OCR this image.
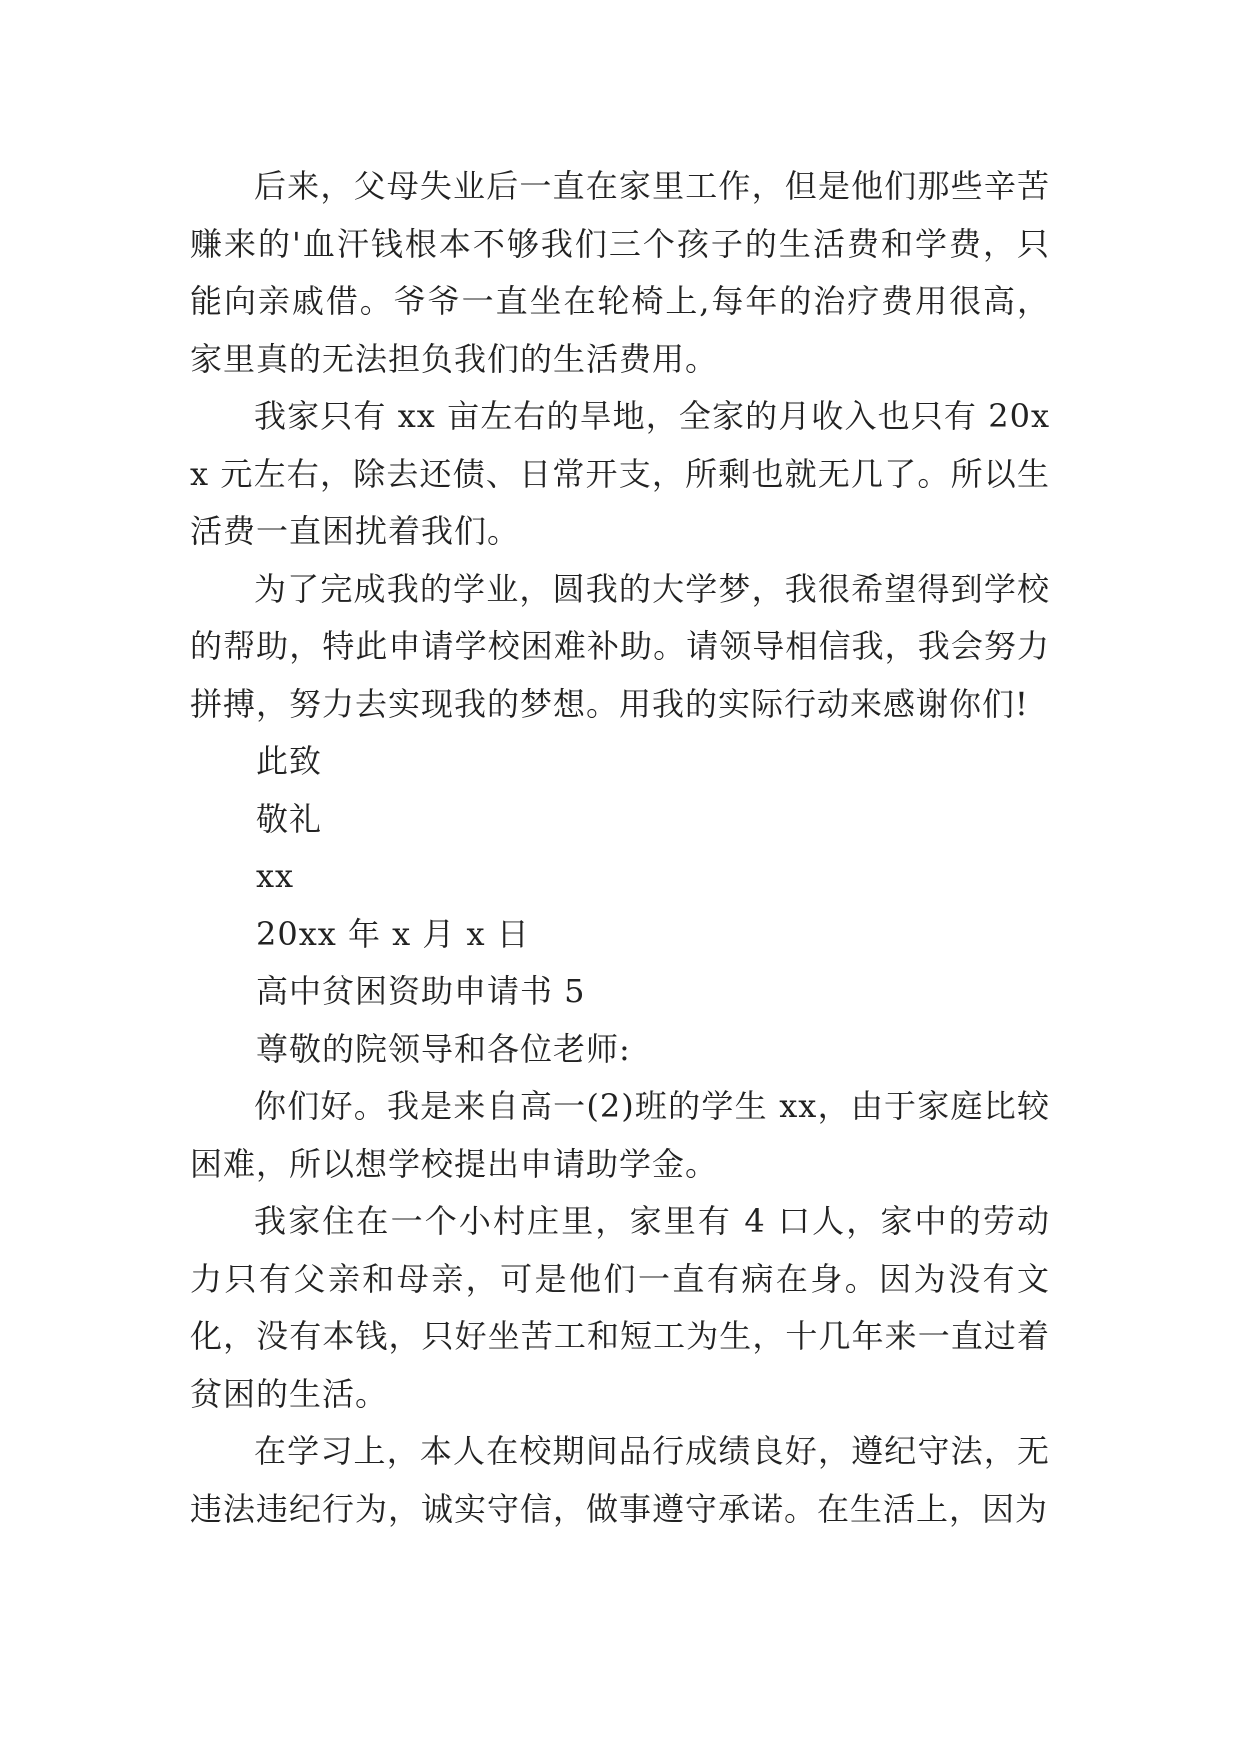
后来，父母失业后一直在家里工作，但是他们那些辛苦赚来的'血汗钱根本不够我们三个孩子的生活费和学费，只能向亲戚借。爷爷一直坐在轮椅上,每年的治疗费用很高，家里真的无法担负我们的生活费用。

我家只有 xx 亩左右的旱地，全家的月收入也只有 20xx 元左右，除去还债、日常开支，所剩也就无几了。所以生活费一直困扰着我们。

为了完成我的学业，圆我的大学梦，我很希望得到学校的帮助，特此申请学校困难补助。请领导相信我，我会努力拼搏，努力去实现我的梦想。用我的实际行动来感谢你们!

此致

敬礼

xx

20xx 年 x 月 x 日

高中贫困资助申请书 5

尊敬的院领导和各位老师:

你们好。我是来自高一(2)班的学生 xx，由于家庭比较困难，所以想学校提出申请助学金。

我家住在一个小村庄里，家里有 4 口人，家中的劳动力只有父亲和母亲，可是他们一直有病在身。因为没有文化，没有本钱，只好坐苦工和短工为生，十几年来一直过着贫困的生活。

在学习上，本人在校期间品行成绩良好，遵纪守法，无违法违纪行为，诚实守信，做事遵守承诺。在生活上，因为
